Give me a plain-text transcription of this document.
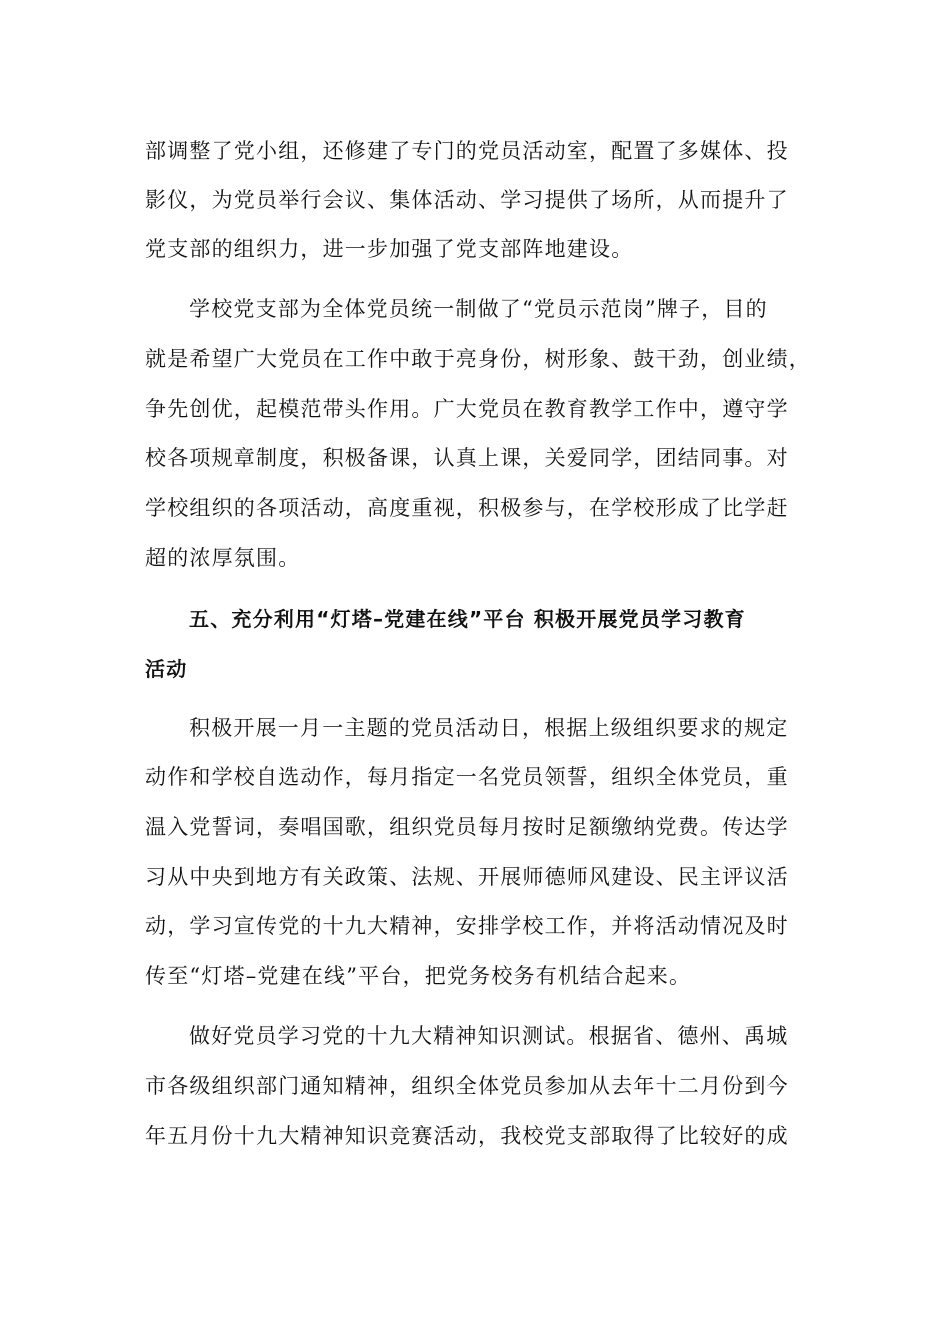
部调整了党小组，还修建了专门的党员活动室，配置了多媒体、投
影仪，为党员举行会议、集体活动、学习提供了场所，从而提升了
党支部的组织力，进一步加强了党支部阵地建设。
学校党支部为全体党员统一制做了“党员示范岗”牌子，目的
就是希望广大党员在工作中敢于亮身份，树形象、鼓干劲，创业绩，
争先创优，起模范带头作用。广大党员在教育教学工作中，遵守学
校各项规章制度，积极备课，认真上课，关爱同学，团结同事。对
学校组织的各项活动，高度重视，积极参与，在学校形成了比学赶
超的浓厚氛围。
五、充分利用“灯塔–党建在线”平台 积极开展党员学习教育
活动
积极开展一月一主题的党员活动日，根据上级组织要求的规定
动作和学校自选动作，每月指定一名党员领誓，组织全体党员，重
温入党誓词，奏唱国歌，组织党员每月按时足额缴纳党费。传达学
习从中央到地方有关政策、法规、开展师德师风建设、民主评议活
动，学习宣传党的十九大精神，安排学校工作，并将活动情况及时
传至“灯塔–党建在线”平台，把党务校务有机结合起来。
做好党员学习党的十九大精神知识测试。根据省、德州、禹城
市各级组织部门通知精神，组织全体党员参加从去年十二月份到今
年五月份十九大精神知识竞赛活动，我校党支部取得了比较好的成
